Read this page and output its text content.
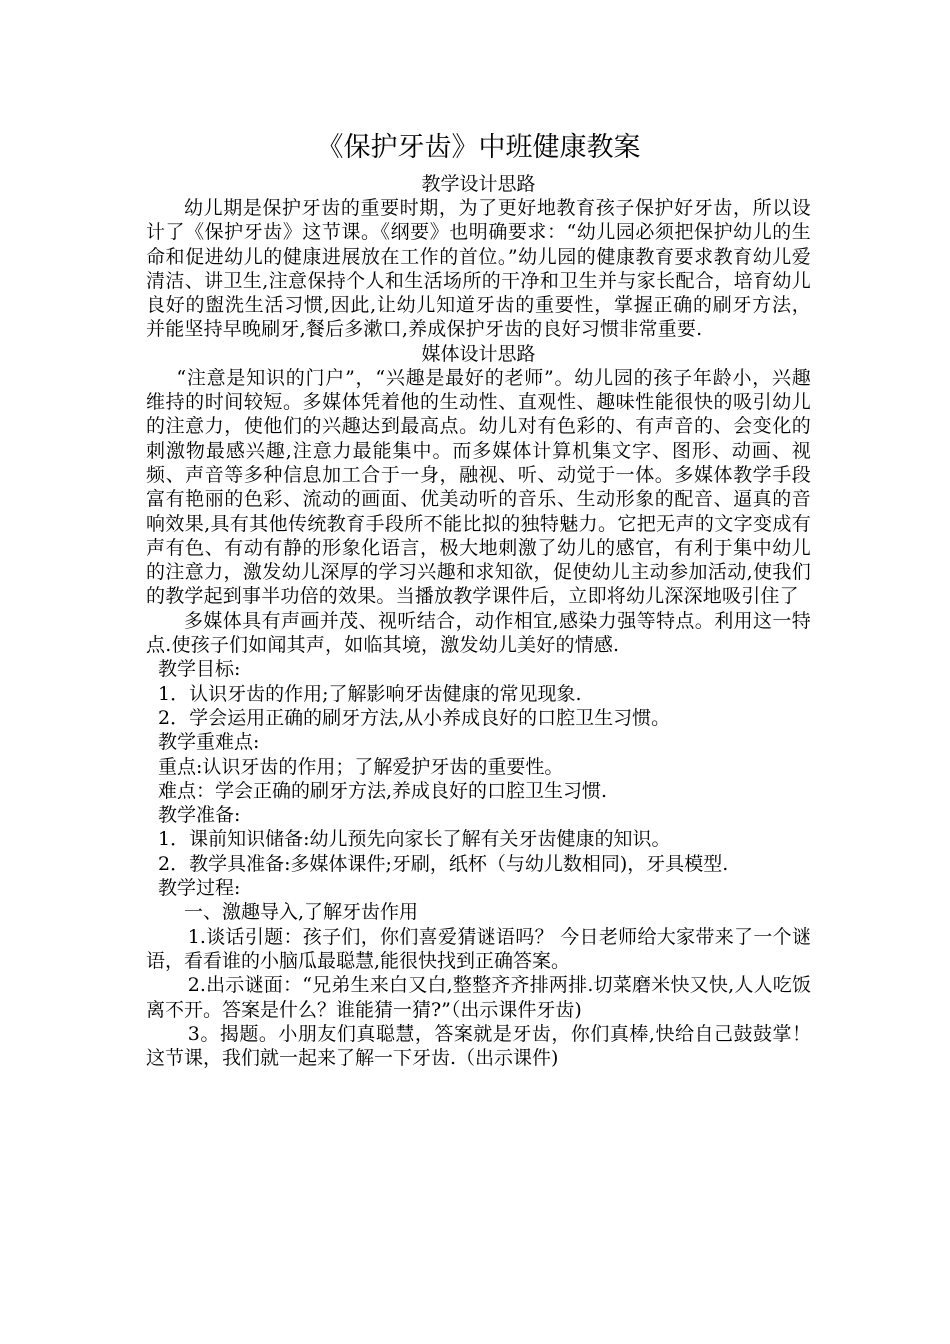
《保护牙齿》中班健康教案

教学设计思路

幼儿期是保护牙齿的重要时期，为了更好地教育孩子保护好牙齿，所以设计了《保护牙齿》这节课。《纲要》也明确要求：“幼儿园必须把保护幼儿的生命和促进幼儿的健康进展放在工作的首位。”幼儿园的健康教育要求教育幼儿爱清洁、讲卫生,注意保持个人和生活场所的干净和卫生并与家长配合，培育幼儿良好的盥洗生活习惯,因此,让幼儿知道牙齿的重要性，掌握正确的刷牙方法，并能坚持早晚刷牙,餐后多漱口,养成保护牙齿的良好习惯非常重要.

媒体设计思路

“注意是知识的门户”，“兴趣是最好的老师”。幼儿园的孩子年龄小，兴趣维持的时间较短。多媒体凭着他的生动性、直观性、趣味性能很快的吸引幼儿的注意力，使他们的兴趣达到最高点。幼儿对有色彩的、有声音的、会变化的刺激物最感兴趣,注意力最能集中。而多媒体计算机集文字、图形、动画、视频、声音等多种信息加工合于一身，融视、听、动觉于一体。多媒体教学手段富有艳丽的色彩、流动的画面、优美动听的音乐、生动形象的配音、逼真的音响效果,具有其他传统教育手段所不能比拟的独特魅力。它把无声的文字变成有声有色、有动有静的形象化语言，极大地刺激了幼儿的感官，有利于集中幼儿的注意力，激发幼儿深厚的学习兴趣和求知欲，促使幼儿主动参加活动,使我们的教学起到事半功倍的效果。当播放教学课件后，立即将幼儿深深地吸引住了

多媒体具有声画并茂、视听结合，动作相宜,感染力强等特点。利用这一特点.使孩子们如闻其声，如临其境，激发幼儿美好的情感.

教学目标:

1．认识牙齿的作用;了解影响牙齿健康的常见现象.

2．学会运用正确的刷牙方法,从小养成良好的口腔卫生习惯。

教学重难点:

重点:认识牙齿的作用；了解爱护牙齿的重要性。

难点：学会正确的刷牙方法,养成良好的口腔卫生习惯.

教学准备:

1．课前知识储备:幼儿预先向家长了解有关牙齿健康的知识。

2．教学具准备:多媒体课件;牙刷，纸杯（与幼儿数相同)，牙具模型.

教学过程:

一、激趣导入,了解牙齿作用

1.谈话引题：孩子们，你们喜爱猜谜语吗？ 今日老师给大家带来了一个谜语，看看谁的小脑瓜最聪慧,能很快找到正确答案。

2.出示谜面：“兄弟生来白又白,整整齐齐排两排.切菜磨米快又快,人人吃饭离不开。答案是什么？谁能猜一猜?”（出示课件牙齿)

3。揭题。小朋友们真聪慧，答案就是牙齿，你们真棒,快给自己鼓鼓掌！这节课，我们就一起来了解一下牙齿.（出示课件)
